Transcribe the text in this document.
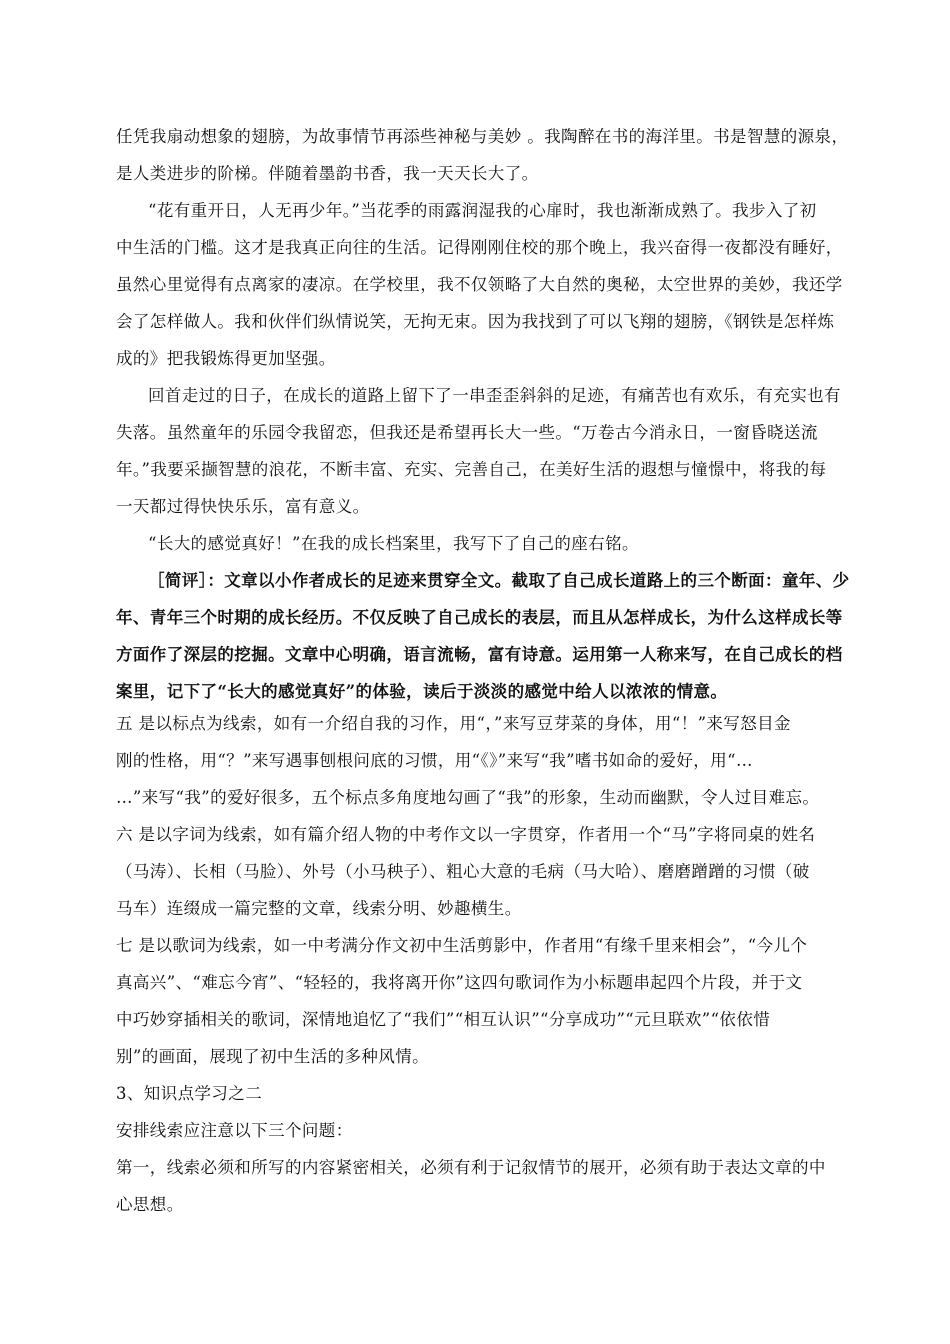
任凭我扇动想象的翅膀，为故事情节再添些神秘与美妙 。我陶醉在书的海洋里。书是智慧的源泉，
是人类进步的阶梯。伴随着墨韵书香，我一天天长大了。
“花有重开日，人无再少年。”当花季的雨露润湿我的心扉时，我也渐渐成熟了。我步入了初
中生活的门槛。这才是我真正向往的生活。记得刚刚住校的那个晚上，我兴奋得一夜都没有睡好，
虽然心里觉得有点离家的凄凉。在学校里，我不仅领略了大自然的奥秘，太空世界的美妙，我还学
会了怎样做人。我和伙伴们纵情说笑，无拘无束。因为我找到了可以飞翔的翅膀，《钢铁是怎样炼
成的》把我锻炼得更加坚强。
回首走过的日子，在成长的道路上留下了一串歪歪斜斜的足迹，有痛苦也有欢乐，有充实也有
失落。虽然童年的乐园令我留恋，但我还是希望再长大一些。“万卷古今消永日，一窗昏晓送流
年。”我要采撷智慧的浪花，不断丰富、充实、完善自己，在美好生活的遐想与憧憬中，将我的每
一天都过得快快乐乐，富有意义。
“长大的感觉真好！”在我的成长档案里，我写下了自己的座右铭。
［简评］：文章以小作者成长的足迹来贯穿全文。截取了自己成长道路上的三个断面：童年、少
年、青年三个时期的成长经历。不仅反映了自己成长的表层，而且从怎样成长，为什么这样成长等
方面作了深层的挖掘。文章中心明确，语言流畅，富有诗意。运用第一人称来写，在自己成长的档
案里，记下了“长大的感觉真好”的体验，读后于淡淡的感觉中给人以浓浓的情意。
五 是以标点为线索，如有一介绍自我的习作，用“，”来写豆芽菜的身体，用“！”来写怒目金
刚的性格，用“？”来写遇事刨根问底的习惯，用“《》”来写“我”嗜书如命的爱好，用“…
…”来写“我”的爱好很多，五个标点多角度地勾画了“我”的形象，生动而幽默，令人过目难忘。
六 是以字词为线索，如有篇介绍人物的中考作文以一字贯穿，作者用一个“马”字将同桌的姓名
（马涛）、长相（马脸）、外号（小马秧子）、粗心大意的毛病（马大哈）、磨磨蹭蹭的习惯（破
马车）连缀成一篇完整的文章，线索分明、妙趣横生。
七 是以歌词为线索，如一中考满分作文初中生活剪影中，作者用“有缘千里来相会”，“今儿个
真高兴”、“难忘今宵”、“轻轻的，我将离开你”这四句歌词作为小标题串起四个片段，并于文
中巧妙穿插相关的歌词，深情地追忆了“我们”“相互认识”“分享成功”“元旦联欢”“依依惜
别”的画面，展现了初中生活的多种风情。
3、知识点学习之二
安排线索应注意以下三个问题：
第一，线索必须和所写的内容紧密相关，必须有利于记叙情节的展开，必须有助于表达文章的中
心思想。
